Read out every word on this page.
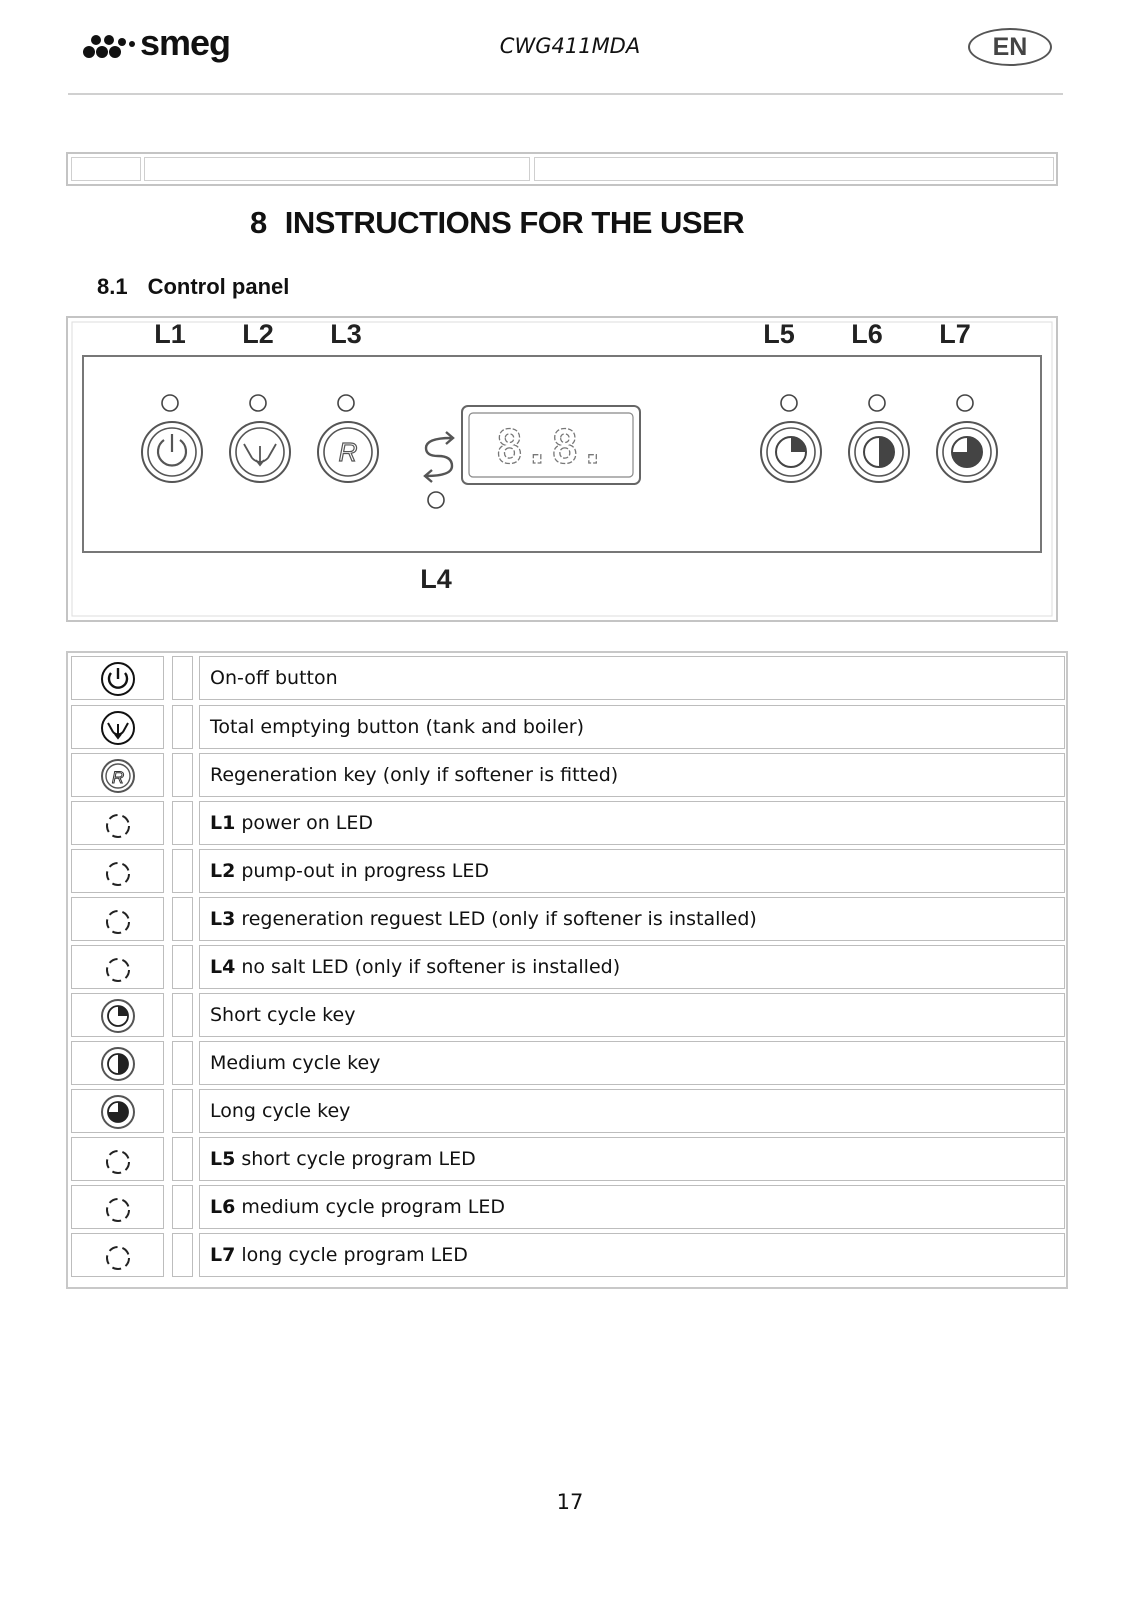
smeg	CWG411MDA	EN
8 INSTRUCTIONS FOR THE USER
8.1 Control panel
L1 L2 L3	L5 L6 L7
L4
R	8.8.
On-off button
Total emptying button (tank and boiler)
R	Regeneration key (only if softener is fitted)
L1 power on LED
L2 pump-out in progress LED
L3 regeneration reguest LED (only if softener is installed)
L4 no salt LED (only if softener is installed)
Short cycle key
Medium cycle key
Long cycle key
L5 short cycle program LED
L6 medium cycle program LED
L7 long cycle program LED
17
